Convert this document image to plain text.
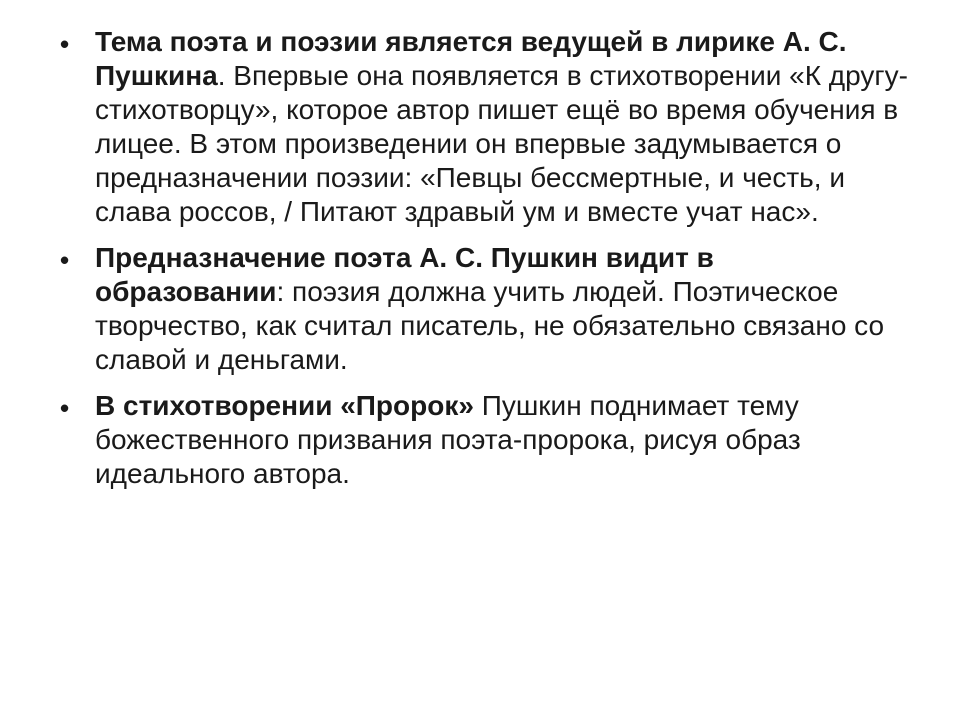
• Тема поэта и поэзии является ведущей в лирике А. С. Пушкина. Впервые она появляется в стихотворении «К другу-стихотворцу», которое автор пишет ещё во время обучения в лицее. В этом произведении он впервые задумывается о предназначении поэзии: «Певцы бессмертные, и честь, и слава россов, / Питают здравый ум и вместе учат нас».
• Предназначение поэта А. С. Пушкин видит в образовании: поэзия должна учить людей. Поэтическое творчество, как считал писатель, не обязательно связано со славой и деньгами.
• В стихотворении «Пророк» Пушкин поднимает тему божественного призвания поэта-пророка, рисуя образ идеального автора.
